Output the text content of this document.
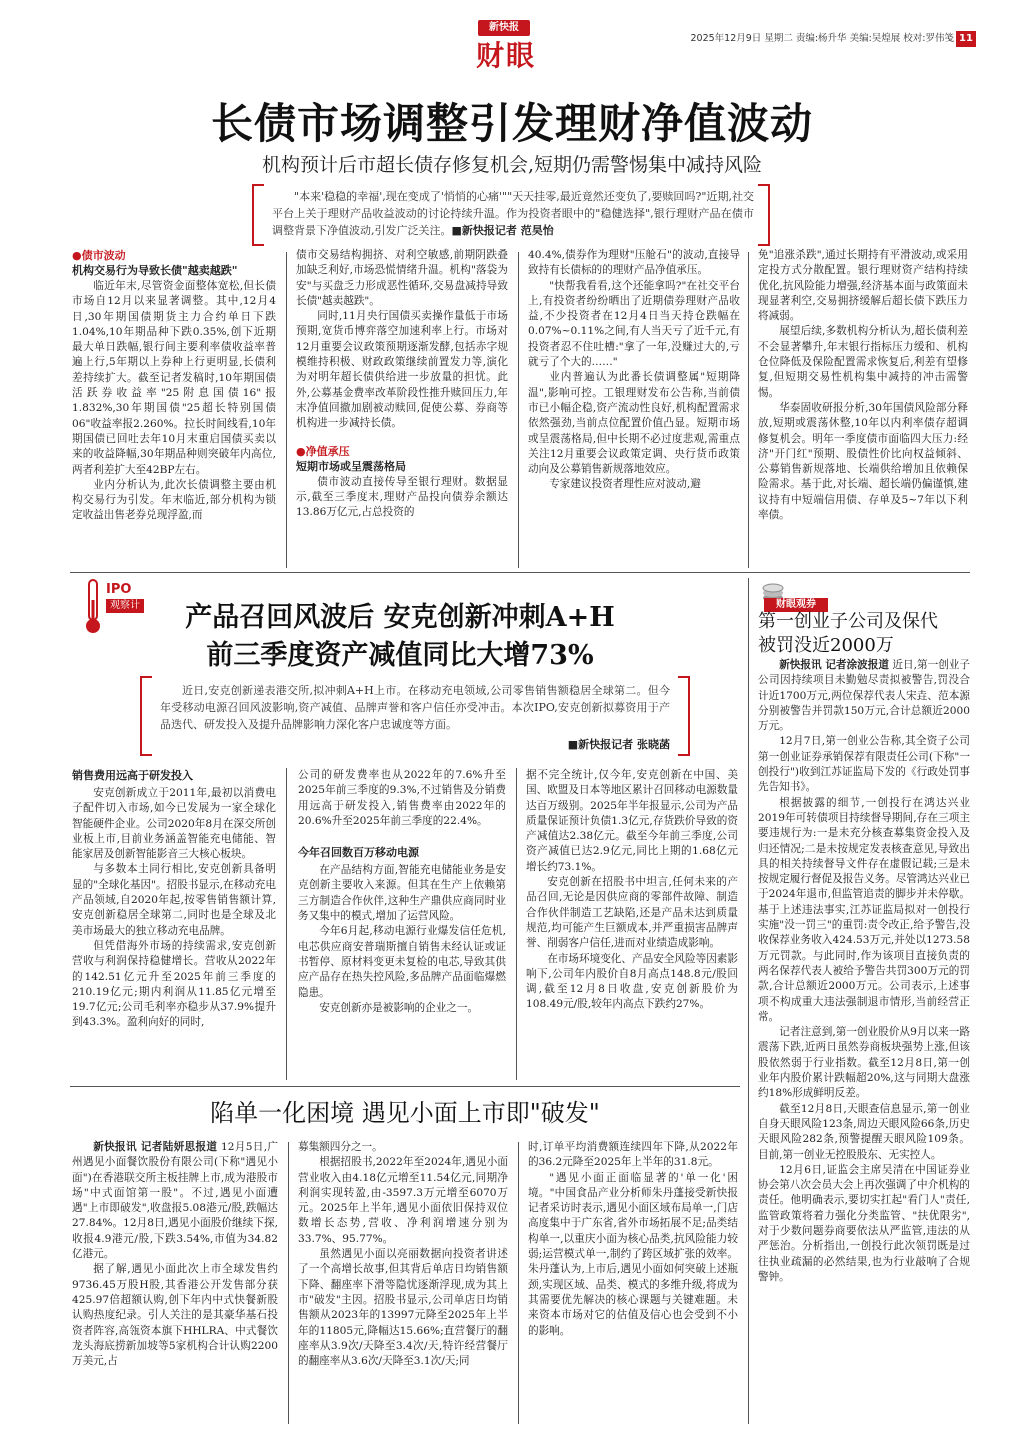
新快报
财眼
2025年12月9日 星期二 责编:杨升华 美编:吴煌展 校对:罗伟笺 11
长债市场调整引发理财净值波动
机构预计后市超长债存修复机会,短期仍需警惕集中减持风险
"本来'稳稳的幸福',现在变成了'悄悄的心痛'""天天挂零,最近竟然还变负了,要赎回吗?"近期,社交平台上关于理财产品收益波动的讨论持续升温。作为投资者眼中的"稳健选择",银行理财产品在债市调整背景下净值波动,引发广泛关注。■新快报记者 范昊怡
●债市波动
机构交易行为导致长债"越卖越跌"
临近年末,尽管资金面整体宽松,但长债市场自12月以来显著调整。其中,12月4日,30年期国债期货主力合约单日下跌1.04%,10年期品种下跌0.35%,创下近期最大单日跌幅,银行间主要利率债收益率普遍上行,5年期以上券种上行更明显,长债利差持续扩大。截至记者发稿时,10年期国债活跃券收益率"25附息国债16"报1.832%,30年期国债"25超长特别国债06"收益率报2.260%。拉长时间线看,10年期国债已回吐去年10月末重启国债买卖以来的收益降幅,30年期品种则突破年内高位,两者利差扩大至42BP左右。
业内分析认为,此次长债调整主要由机构交易行为引发。年末临近,部分机构为锁定收益出售老券兑现浮盈,而
债市交易结构拥挤、对利空敏感,前期阴跌叠加缺乏利好,市场恐慌情绪升温。机构"落袋为安"与买盘乏力形成恶性循环,交易盘减持导致长债"越卖越跌"。
同时,11月央行国债买卖操作量低于市场预期,宽货币博弈落空加速利率上行。市场对12月重要会议政策预期逐渐发酵,包括赤字规模维持积极、财政政策继续前置发力等,演化为对明年超长债供给进一步放量的担忧。此外,公募基金费率改革阶段性推升赎回压力,年末净值回撤加剧被动赎回,促使公募、券商等机构进一步减持长债。
●净值承压
短期市场或呈震荡格局
债市波动直接传导至银行理财。数据显示,截至三季度末,理财产品投向债券余额达13.86万亿元,占总投资的
40.4%,债券作为理财"压舱石"的波动,直接导致持有长债标的的理财产品净值承压。
"快帮我看看,这个还能拿吗?"在社交平台上,有投资者纷纷晒出了近期债券理财产品收益,不少投资者在12月4日当天持仓跌幅在0.07%~0.11%之间,有人当天亏了近千元,有投资者忍不住吐槽:"拿了一年,没赚过大的,亏就亏了个大的……"
业内普遍认为此番长债调整属"短期降温",影响可控。工银理财发布公告称,当前债市已小幅企稳,资产流动性良好,机构配置需求依然强劲,当前点位配置价值凸显。短期市场或呈震荡格局,但中长期不必过度悲观,需重点关注12月重要会议政策定调、央行货币政策动向及公募销售新规落地效应。
专家建议投资者理性应对波动,避
免"追涨杀跌",通过长期持有平滑波动,或采用定投方式分散配置。银行理财资产结构持续优化,抗风险能力增强,经济基本面与政策面未现显著利空,交易拥挤缓解后超长债下跌压力将减弱。
展望后续,多数机构分析认为,超长债利差不会显著攀升,年末银行指标压力缓和、机构仓位降低及保险配置需求恢复后,利差有望修复,但短期交易性机构集中减持的冲击需警惕。
华泰固收研报分析,30年国债风险部分释放,短期或震荡休整,10年以内利率债存超调修复机会。明年一季度债市面临四大压力:经济"开门红"预期、股债性价比向权益倾斜、公募销售新规落地、长端供给增加且依赖保险需求。基于此,对长端、超长端仍偏谨慎,建议持有中短端信用债、存单及5~7年以下利率债。
IPO
观察计	产品召回风波后 安克创新冲刺A+H
前三季度资产减值同比大增73%
近日,安克创新递表港交所,拟冲刺A+H上市。在移动充电领域,公司零售销售额稳居全球第二。但今年受移动电源召回风波影响,资产减值、品牌声誉和客户信任亦受冲击。本次IPO,安克创新拟募资用于产品迭代、研发投入及提升品牌影响力深化客户忠诚度等方面。
■新快报记者 张晓菡
销售费用远高于研发投入
安克创新成立于2011年,最初以消费电子配件切入市场,如今已发展为一家全球化智能硬件企业。公司2020年8月在深交所创业板上市,目前业务涵盖智能充电储能、智能家居及创新智能影音三大核心板块。
与多数本土同行相比,安克创新具备明显的"全球化基因"。招股书显示,在移动充电产品领域,自2020年起,按零售销售额计算,安克创新稳居全球第二,同时也是全球及北美市场最大的独立移动充电品牌。
但凭借海外市场的持续需求,安克创新营收与利润保持稳健增长。营收从2022年的142.51亿元升至2025年前三季度的210.19亿元;期内利润从11.85亿元增至19.7亿元;公司毛利率亦稳步从37.9%提升到43.3%。盈利向好的同时,
公司的研发费率也从2022年的7.6%升至2025年前三季度的9.3%,不过销售及分销费用远高于研发投入,销售费率由2022年的20.6%升至2025年前三季度的22.4%。
今年召回数百万移动电源
在产品结构方面,智能充电储能业务是安克创新主要收入来源。但其在生产上依赖第三方制造合作伙伴,这种生产鼎供应商同时业务又集中的模式,增加了运营风险。
今年6月起,移动电源行业爆发信任危机,电芯供应商安普瑞斯擅自销售未经认证或证书暂停、原材料变更未复检的电芯,导致其供应产品存在热失控风险,多品牌产品面临爆燃隐患。
安克创新亦是被影响的企业之一。
据不完全统计,仅今年,安克创新在中国、美国、欧盟及日本等地区累计召回移动电源数量达百万级别。2025年半年报显示,公司为产品质量保证预计负债1.3亿元,存货跌价导致的资产减值达2.38亿元。截至今年前三季度,公司资产减值已达2.9亿元,同比上期的1.68亿元增长约73.1%。
安克创新在招股书中坦言,任何未来的产品召回,无论是因供应商的零部件故障、制造合作伙伴制造工艺缺陷,还是产品未达到质量规范,均可能产生巨额成本,并严重损害品牌声誉、削弱客户信任,进而对业绩造成影响。
在市场环境变化、产品安全风险等因素影响下,公司年内股价自8月高点148.8元/股回调,截至12月8日收盘,安克创新股价为108.49元/股,较年内高点下跌约27%。
财眼观券
第一创业子公司及保代
被罚没近2000万
新快报讯 记者涂波报道 近日,第一创业子公司因持续项目未勤勉尽责拟被警告,罚没合计近1700万元,两位保荐代表人宋垚、范本源分别被警告并罚款150万元,合计总额近2000万元。
12月7日,第一创业公告称,其全资子公司第一创业证券承销保荐有限责任公司(下称"一创投行")收到江苏证监局下发的《行政处罚事先告知书》。
根据披露的细节,一创投行在鸿达兴业2019年可转债项目持续督导期间,存在三项主要违规行为:一是未充分核查募集资金投入及归还情况;二是未按规定发表核查意见,导致出具的相关持续督导文件存在虚假记载;三是未按规定履行督促及报告义务。尽管鸿达兴业已于2024年退市,但监管追责的脚步并未停歇。基于上述违法事实,江苏证监局拟对一创投行实施"没一罚三"的重罚:责令改正,给予警告,没收保荐业务收入424.53万元,并处以1273.58万元罚款。与此同时,作为该项目直接负责的两名保荐代表人被给予警告共罚300万元的罚款,合计总额近2000万元。公司表示,上述事项不构成重大违法强制退市情形,当前经营正常。
记者注意到,第一创业股价从9月以来一路震荡下跌,近两日虽然券商板块强势上涨,但该股依然弱于行业指数。截至12月8日,第一创业年内股价累计跌幅超20%,这与同期大盘涨约18%形成鲜明反差。
截至12月8日,天眼查信息显示,第一创业自身天眼风险123条,周边天眼风险66条,历史天眼风险282条,预警提醒天眼风险109条。目前,第一创业无控股股东、无实控人。
12月6日,证监会主席吴清在中国证券业协会第八次会员大会上再次强调了中介机构的责任。他明确表示,要切实扛起"看门人"责任,监管政策将着力强化分类监管、"扶优限劣",对于少数问题券商要依法从严监管,违法的从严惩治。分析指出,一创投行此次领罚既是过往执业疏漏的必然结果,也为行业敲响了合规警钟。
陷单一化困境 遇见小面上市即"破发"
新快报讯 记者陆妍思报道 12月5日,广州遇见小面餐饮股份有限公司(下称"遇见小面")在香港联交所主板挂牌上市,成为港股市场"中式面馆第一股"。不过,遇见小面遭遇"上市即破发",收盘报5.08港元/股,跌幅达27.84%。12月8日,遇见小面股价继续下探,收报4.9港元/股,下跌3.54%,市值为34.82亿港元。
据了解,遇见小面此次上市全球发售约9736.45万股H股,其香港公开发售部分获425.97倍超额认购,创下年内中式快餐新股认购热度纪录。引人关注的是其豪华基石投资者阵容,高瓴资本旗下HHLRA、中式餐饮龙头海底捞新加坡等5家机构合计认购2200万美元,占
募集额四分之一。
根据招股书,2022年至2024年,遇见小面营业收入由4.18亿元增至11.54亿元,同期净利润实现转盈,由-3597.3万元增至6070万元。2025年上半年,遇见小面依旧保持双位数增长态势,营收、净利润增速分别为33.7%、95.77%。
虽然遇见小面以亮丽数据向投资者讲述了一个高增长故事,但其背后单店日均销售额下降、翻座率下滑等隐忧逐渐浮现,成为其上市"破发"主因。招股书显示,公司单店日均销售额从2023年的13997元降至2025年上半年的11805元,降幅达15.66%;直营餐厅的翻座率从3.9次/天降至3.4次/天,特许经营餐厅的翻座率从3.6次/天降至3.1次/天;同
时,订单平均消费额连续四年下降,从2022年的36.2元降至2025年上半年的31.8元。
"遇见小面正面临显著的'单一化'困境。"中国食品产业分析师朱丹蓬接受新快报记者采访时表示,遇见小面区域布局单一,门店高度集中于广东省,省外市场拓展不足;品类结构单一,以重庆小面为核心品类,抗风险能力较弱;运营模式单一,制约了跨区域扩张的效率。朱丹蓬认为,上市后,遇见小面如何突破上述瓶颈,实现区域、品类、模式的多维升级,将成为其需要优先解决的核心课题与关键难题。未来资本市场对它的估值及信心也会受到不小的影响。
